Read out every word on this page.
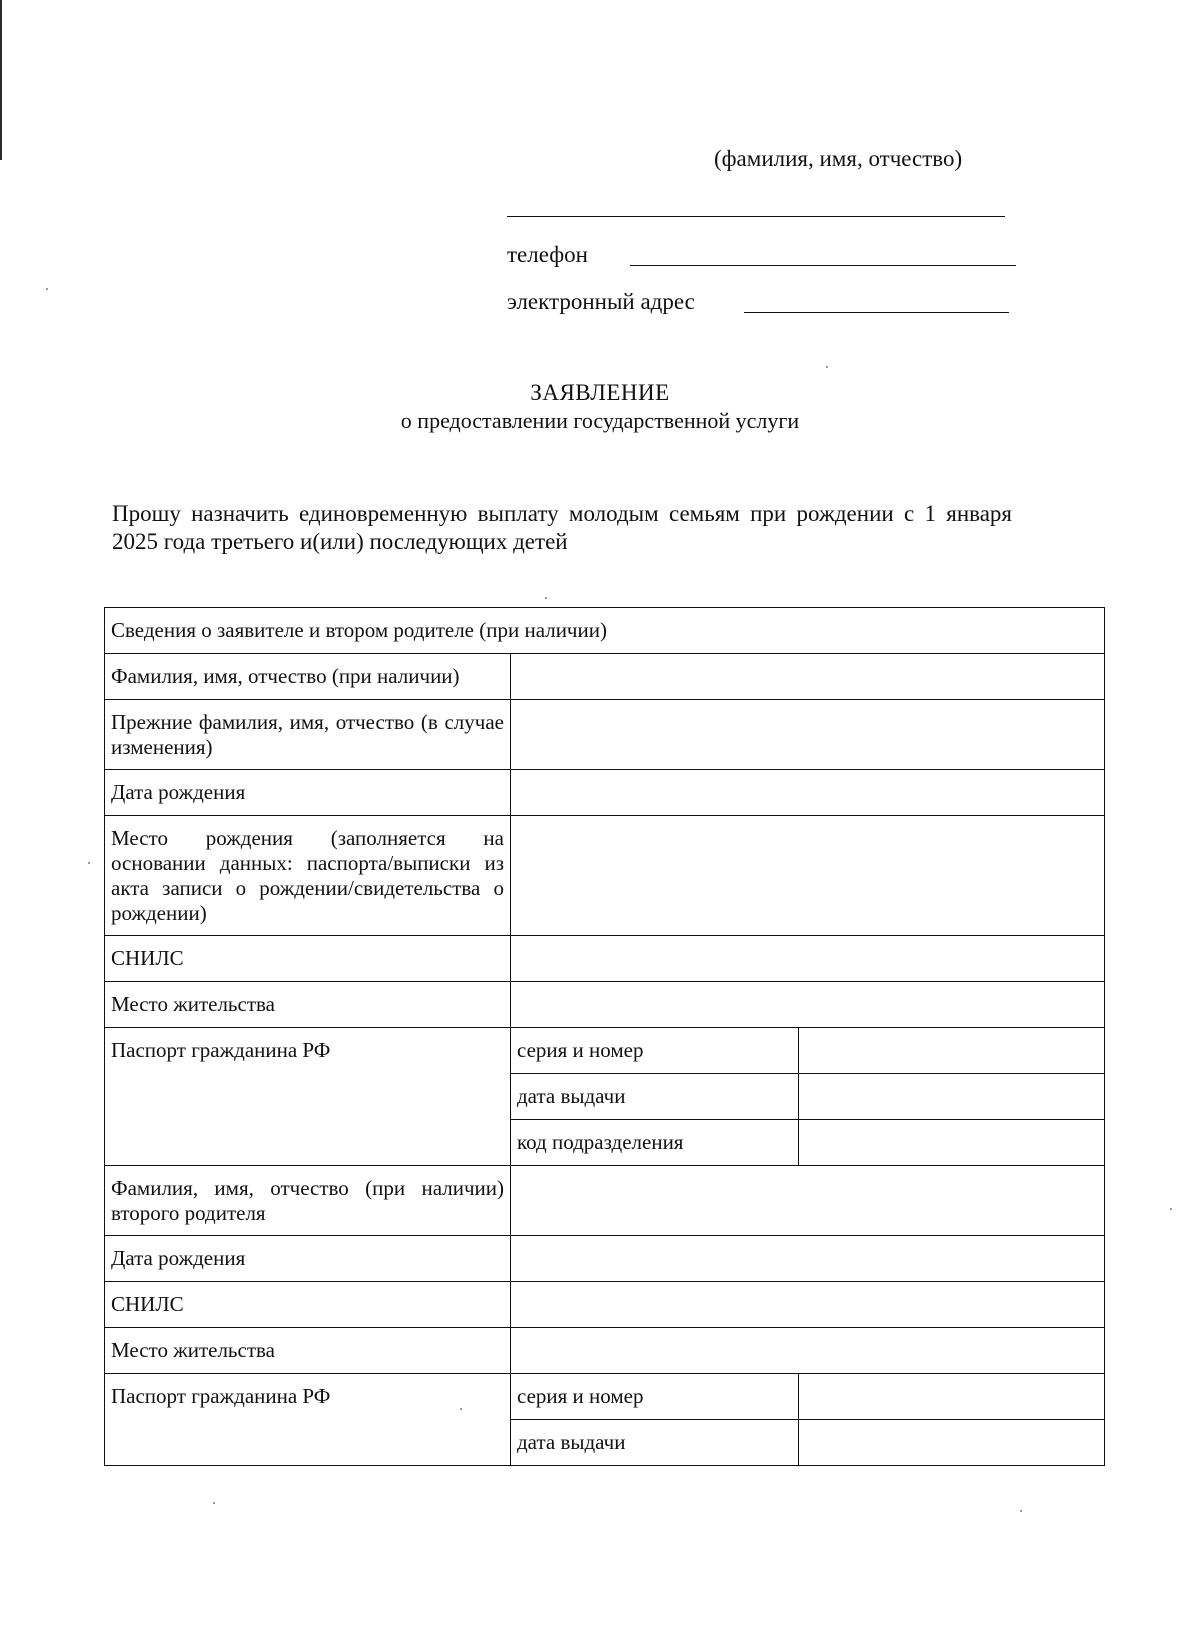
(фамилия, имя, отчество)
телефон
электронный адрес
ЗАЯВЛЕНИЕ
о предоставлении государственной услуги
Прошу назначить единовременную выплату молодым семьям при рождении с 1 января 2025 года третьего и(или) последующих детей
Сведения о заявителе и втором родителе (при наличии)		
Фамилия, имя, отчество (при наличии)		
Прежние фамилия, имя, отчество (в случае изменения)		
Дата рождения		
Место рождения (заполняется на основании данных: паспорта/выписки из акта записи о рождении/свидетельства о рождении)		
СНИЛС		
Место жительства		
Паспорт гражданина РФ	серия и номер	
	дата выдачи	
	код подразделения	
Фамилия, имя, отчество (при наличии) второго родителя		
Дата рождения		
СНИЛС		
Место жительства		
Паспорт гражданина РФ	серия и номер	
	дата выдачи	
